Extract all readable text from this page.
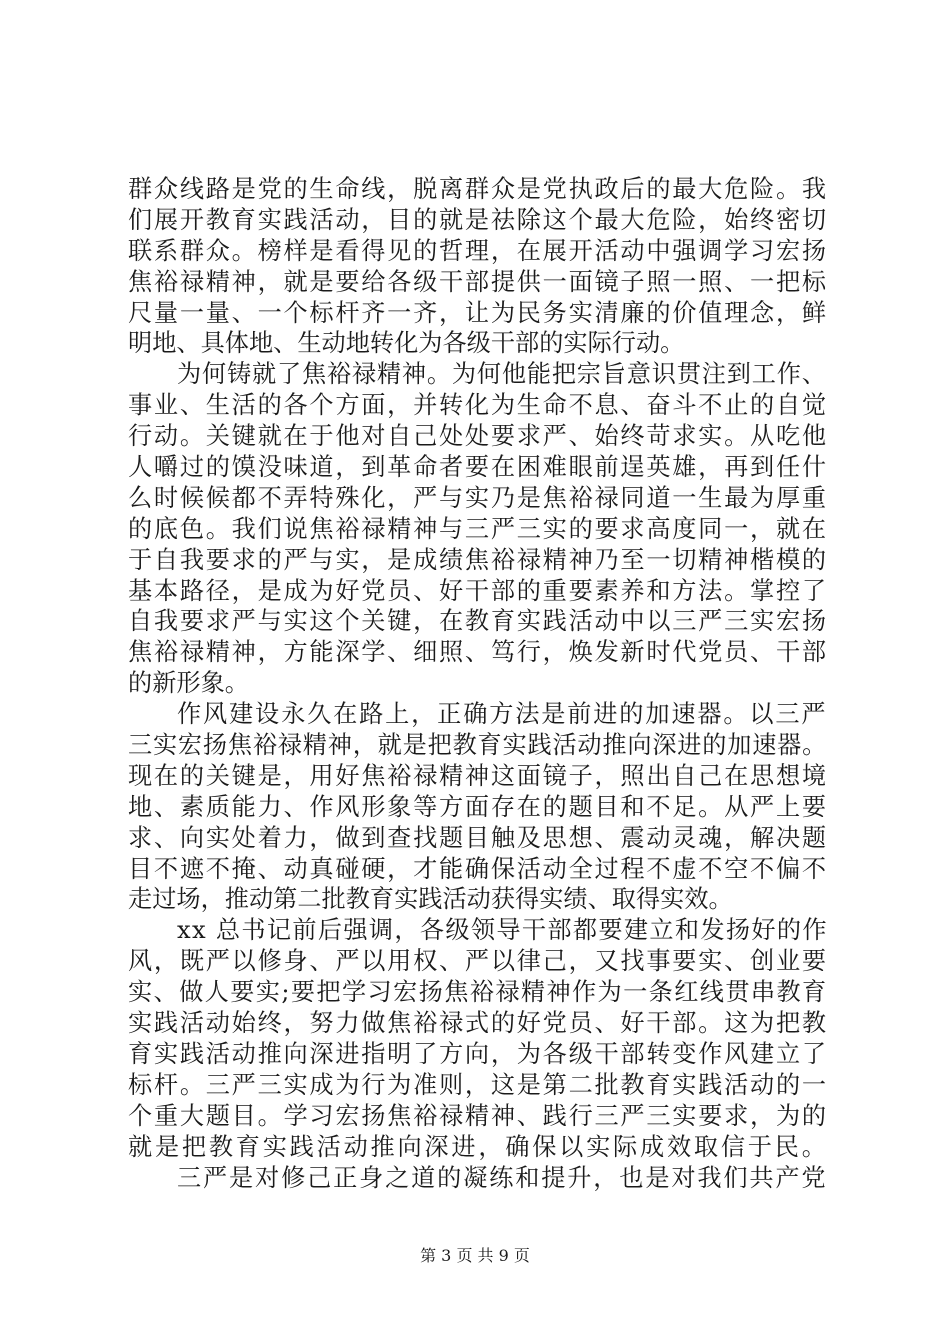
群众线路是党的生命线，脱离群众是党执政后的最大危险。我
们展开教育实践活动，目的就是祛除这个最大危险，始终密切
联系群众。榜样是看得见的哲理，在展开活动中强调学习宏扬
焦裕禄精神，就是要给各级干部提供一面镜子照一照、一把标
尺量一量、一个标杆齐一齐，让为民务实清廉的价值理念，鲜
明地、具体地、生动地转化为各级干部的实际行动。
为何铸就了焦裕禄精神。为何他能把宗旨意识贯注到工作、
事业、生活的各个方面，并转化为生命不息、奋斗不止的自觉
行动。关键就在于他对自己处处要求严、始终苛求实。从吃他
人嚼过的馍没味道，到革命者要在困难眼前逞英雄，再到任什
么时候候都不弄特殊化，严与实乃是焦裕禄同道一生最为厚重
的底色。我们说焦裕禄精神与三严三实的要求高度同一，就在
于自我要求的严与实，是成绩焦裕禄精神乃至一切精神楷模的
基本路径，是成为好党员、好干部的重要素养和方法。掌控了
自我要求严与实这个关键，在教育实践活动中以三严三实宏扬
焦裕禄精神，方能深学、细照、笃行，焕发新时代党员、干部
的新形象。
作风建设永久在路上，正确方法是前进的加速器。以三严
三实宏扬焦裕禄精神，就是把教育实践活动推向深进的加速器。
现在的关键是，用好焦裕禄精神这面镜子，照出自己在思想境
地、素质能力、作风形象等方面存在的题目和不足。从严上要
求、向实处着力，做到查找题目触及思想、震动灵魂，解决题
目不遮不掩、动真碰硬，才能确保活动全过程不虚不空不偏不
走过场，推动第二批教育实践活动获得实绩、取得实效。
xx 总书记前后强调，各级领导干部都要建立和发扬好的作
风，既严以修身、严以用权、严以律己，又找事要实、创业要
实、做人要实;要把学习宏扬焦裕禄精神作为一条红线贯串教育
实践活动始终，努力做焦裕禄式的好党员、好干部。这为把教
育实践活动推向深进指明了方向，为各级干部转变作风建立了
标杆。三严三实成为行为准则，这是第二批教育实践活动的一
个重大题目。学习宏扬焦裕禄精神、践行三严三实要求，为的
就是把教育实践活动推向深进，确保以实际成效取信于民。
三严是对修己正身之道的凝练和提升，也是对我们共产党
第 3 页 共 9 页
